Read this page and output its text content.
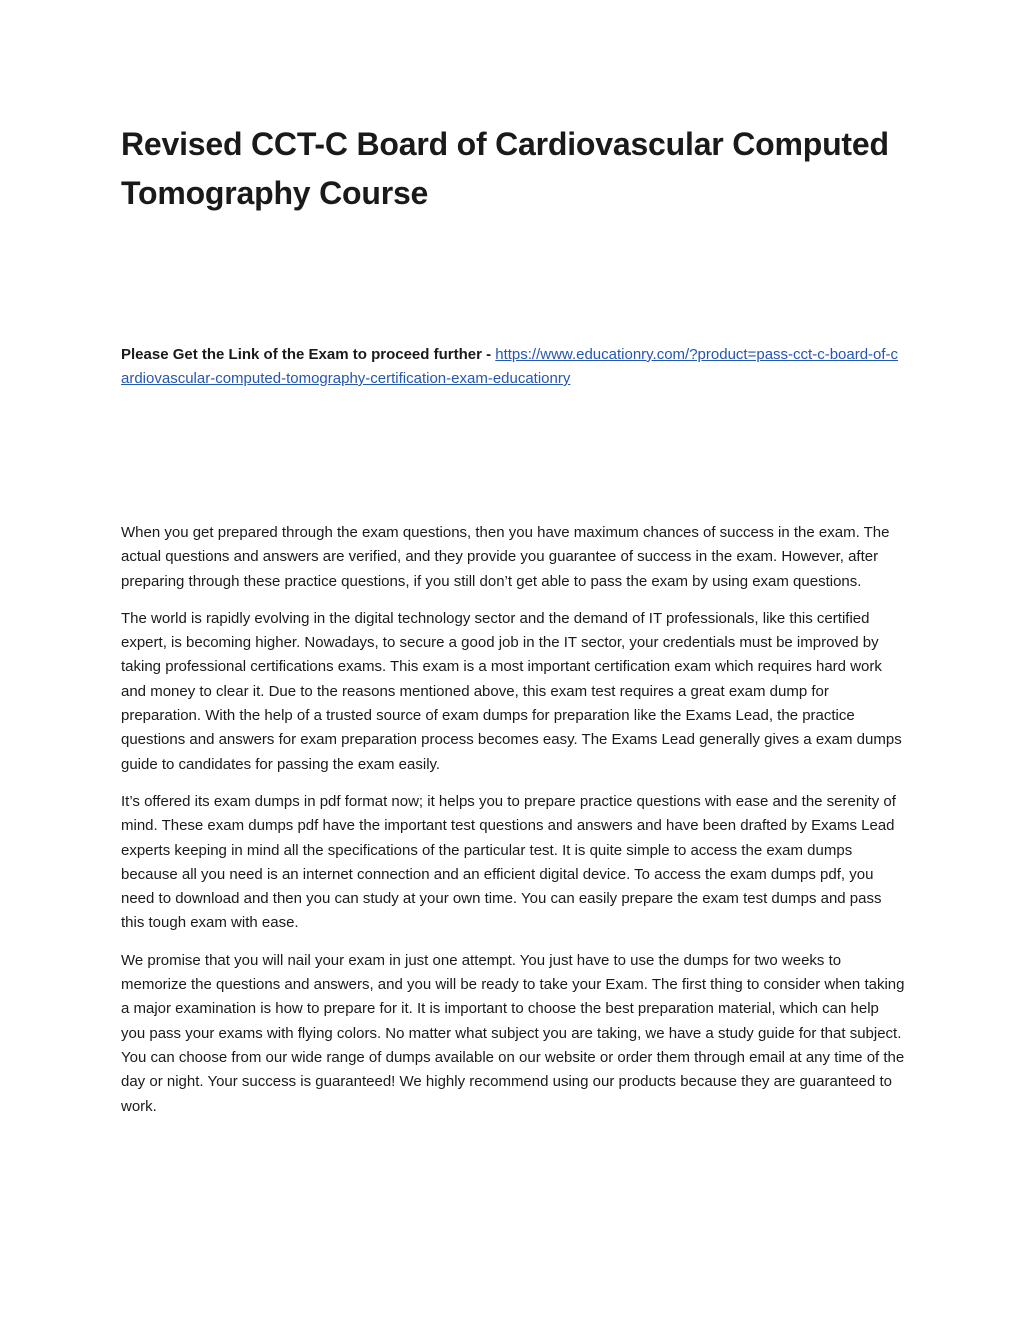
Revised CCT-C Board of Cardiovascular Computed Tomography Course

Please Get the Link of the Exam to proceed further - https://www.educationry.com/?product=pass-cct-c-board-of-cardiovascular-computed-tomography-certification-exam-educationry

When you get prepared through the exam questions, then you have maximum chances of success in the exam. The actual questions and answers are verified, and they provide you guarantee of success in the exam. However, after preparing through these practice questions, if you still don’t get able to pass the exam by using exam questions.

The world is rapidly evolving in the digital technology sector and the demand of IT professionals, like this certified expert, is becoming higher. Nowadays, to secure a good job in the IT sector, your credentials must be improved by taking professional certifications exams. This exam is a most important certification exam which requires hard work and money to clear it. Due to the reasons mentioned above, this exam test requires a great exam dump for preparation. With the help of a trusted source of exam dumps for preparation like the Exams Lead, the practice questions and answers for exam preparation process becomes easy. The Exams Lead generally gives a exam dumps guide to candidates for passing the exam easily.

It’s offered its exam dumps in pdf format now; it helps you to prepare practice questions with ease and the serenity of mind. These exam dumps pdf have the important test questions and answers and have been drafted by Exams Lead experts keeping in mind all the specifications of the particular test. It is quite simple to access the exam dumps because all you need is an internet connection and an efficient digital device. To access the exam dumps pdf, you need to download and then you can study at your own time. You can easily prepare the exam test dumps and pass this tough exam with ease.

We promise that you will nail your exam in just one attempt. You just have to use the dumps for two weeks to memorize the questions and answers, and you will be ready to take your Exam. The first thing to consider when taking a major examination is how to prepare for it. It is important to choose the best preparation material, which can help you pass your exams with flying colors. No matter what subject you are taking, we have a study guide for that subject. You can choose from our wide range of dumps available on our website or order them through email at any time of the day or night. Your success is guaranteed! We highly recommend using our products because they are guaranteed to work.
